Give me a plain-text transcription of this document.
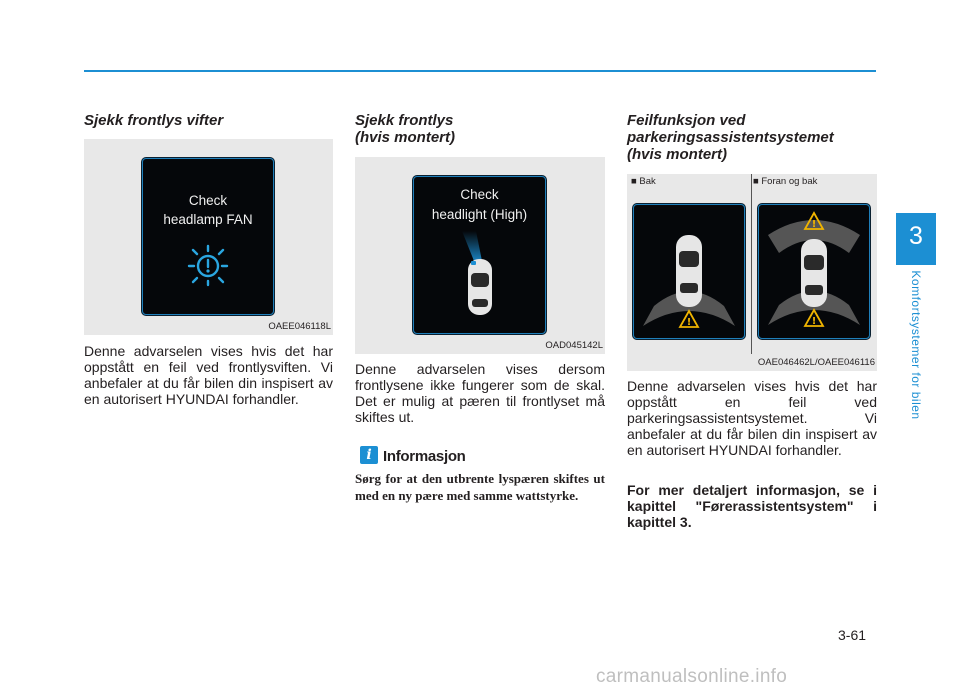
Sjekk frontlys vifter
Check
headlamp FAN
OAEE046118L

Denne advarselen vises hvis det har oppstått en feil ved frontlysviften. Vi anbefaler at du får bilen din inspisert av en autorisert HYUNDAI forhandler.

Sjekk frontlys
(hvis montert)
Check
headlight (High)
OAD045142L

Denne advarselen vises dersom frontlysene ikke fungerer som de skal. Det er mulig at pæren til frontlyset må skiftes ut.

i Informasjon

Sørg for at den utbrente lyspæren skiftes ut med en ny pære med samme wattstyrke.

Feilfunksjon ved
parkeringsassistentsystemet
(hvis montert)
■ Bak	■ Foran og bak
!
!
!
OAE046462L/OAEE046116

Denne advarselen vises hvis det har oppstått en feil ved parkeringsassistentsystemet. Vi anbefaler at du får bilen din inspisert av en autorisert HYUNDAI forhandler.

For mer detaljert informasjon, se i kapittel "Førerassistentsystem" i kapittel 3.

3
Komfortsystemer for bilen
3-61
carmanualsonline.info
